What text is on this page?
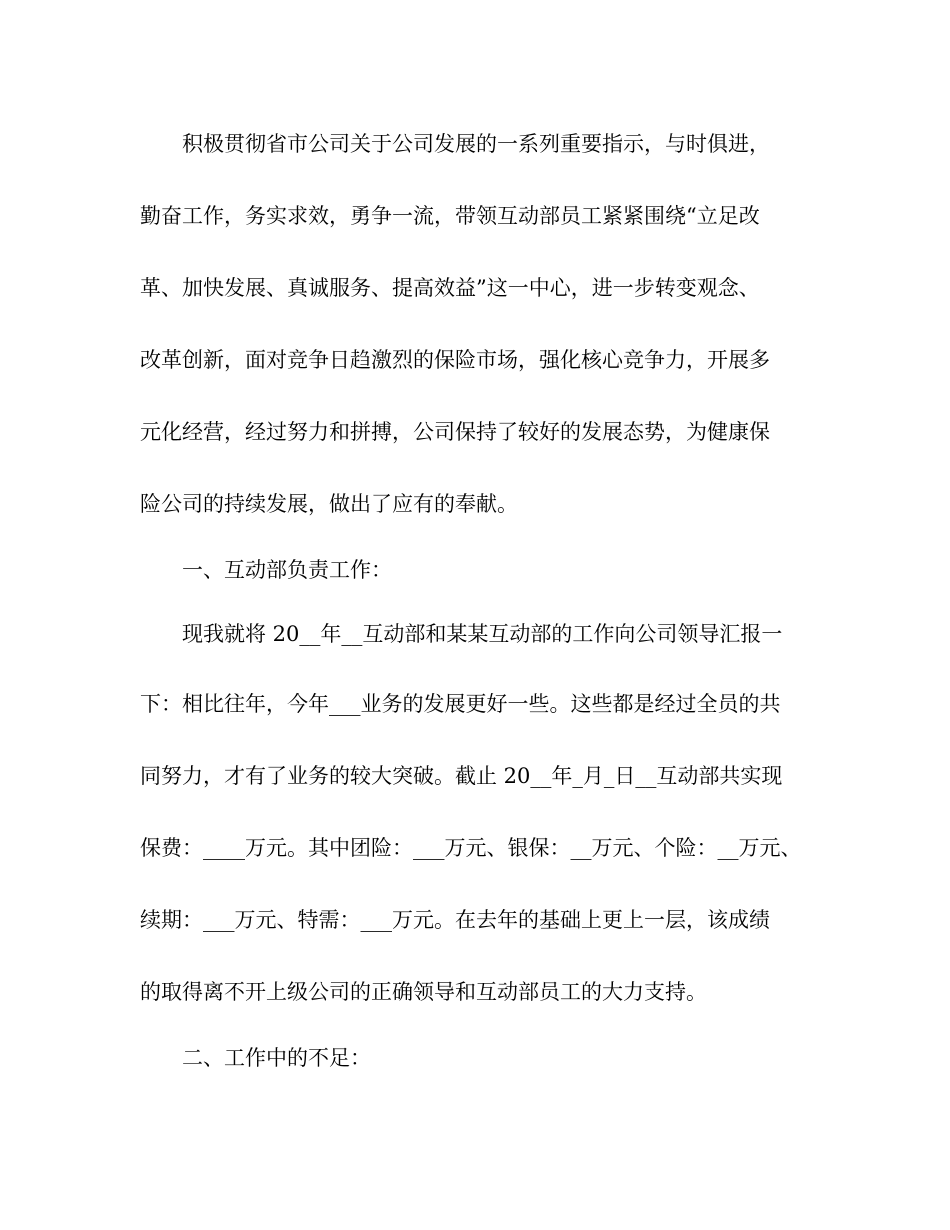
积极贯彻省市公司关于公司发展的一系列重要指示，与时俱进，

勤奋工作，务实求效，勇争一流，带领互动部员工紧紧围绕“立足改

革、加快发展、真诚服务、提高效益”这一中心，进一步转变观念、

改革创新，面对竞争日趋激烈的保险市场，强化核心竞争力，开展多

元化经营，经过努力和拼搏，公司保持了较好的发展态势，为健康保

险公司的持续发展，做出了应有的奉献。

一、互动部负责工作：

现我就将 20__年__互动部和某某互动部的工作向公司领导汇报一

下：相比往年，今年___业务的发展更好一些。这些都是经过全员的共

同努力，才有了业务的较大突破。截止 20__年_月_日__互动部共实现

保费：____万元。其中团险：___万元、银保：__万元、个险：__万元、

续期：___万元、特需：___万元。在去年的基础上更上一层，该成绩

的取得离不开上级公司的正确领导和互动部员工的大力支持。

二、工作中的不足：
